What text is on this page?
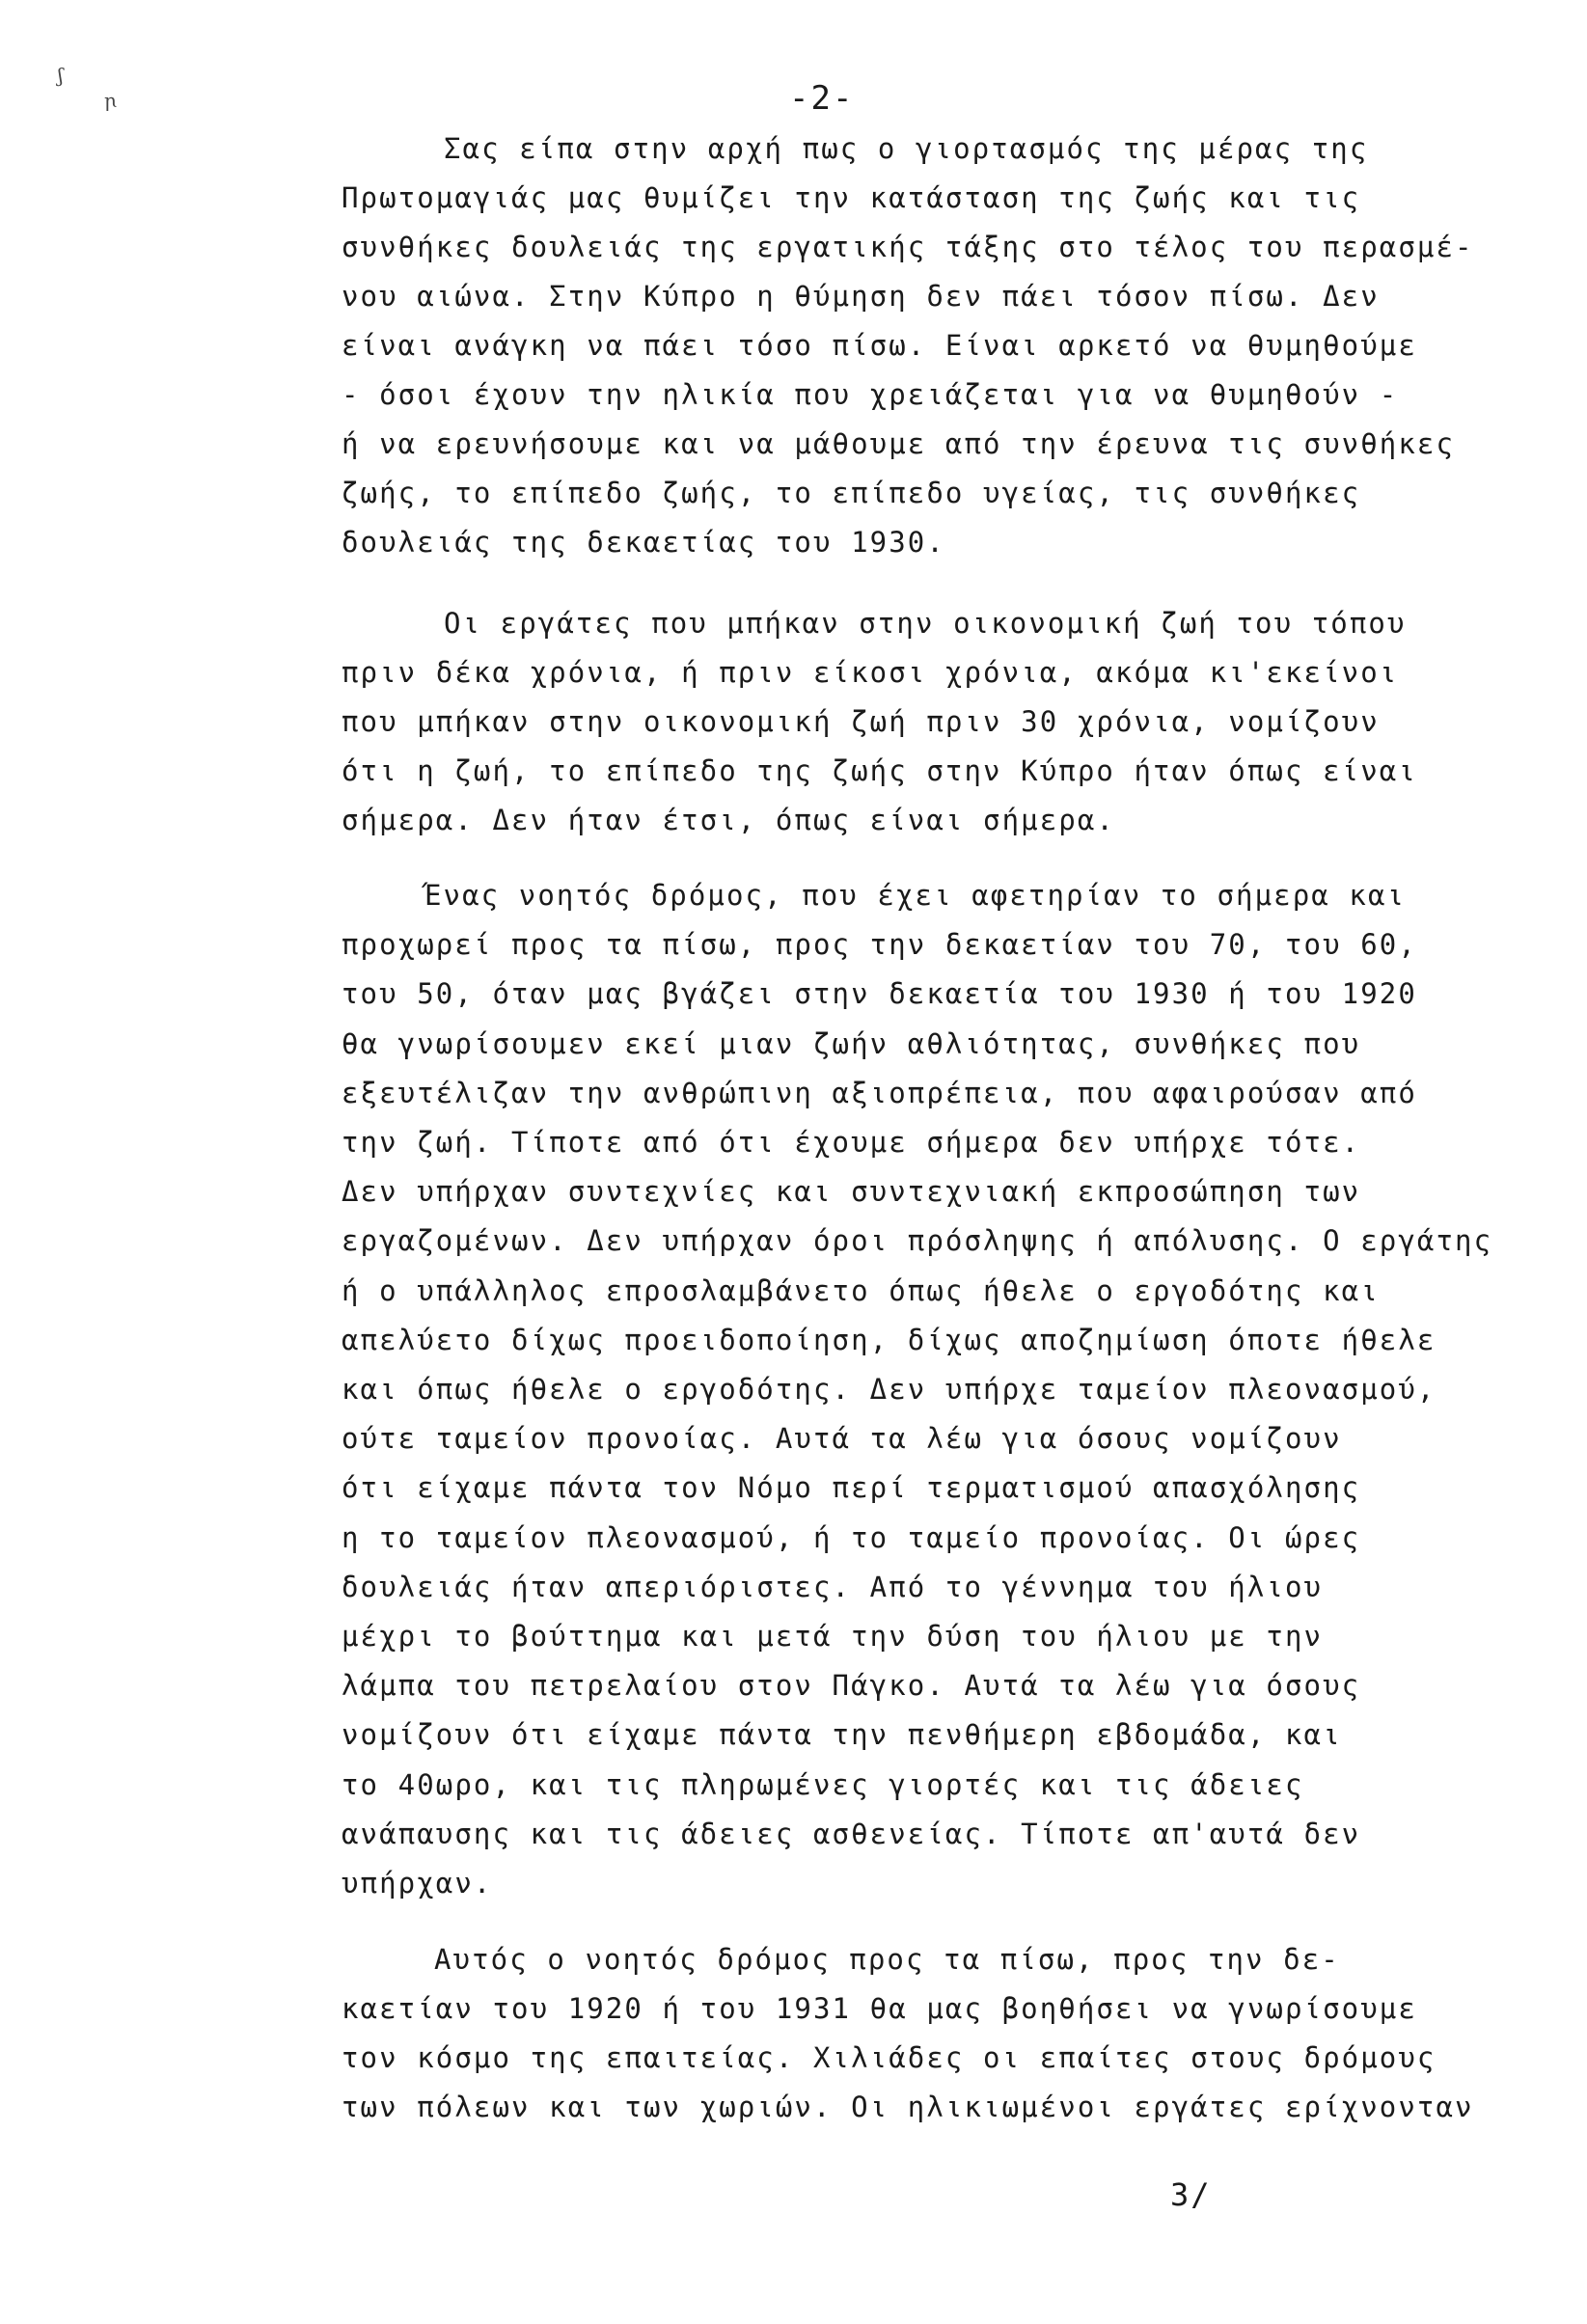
ʃ
ꞃ	-2-
Σας είπα στην αρχή πως ο γιορτασμός της μέρας της
Πρωτομαγιάς μας θυμίζει την κατάσταση της ζωής και τις
συνθήκες δουλειάς της εργατικής τάξης στο τέλος του περασμέ-
νου αιώνα. Στην Κύπρο η θύμηση δεν πάει τόσον πίσω. Δεν
είναι ανάγκη να πάει τόσο πίσω. Είναι αρκετό να θυμηθούμε
- όσοι έχουν την ηλικία που χρειάζεται για να θυμηθούν -
ή να ερευνήσουμε και να μάθουμε από την έρευνα τις συνθήκες
ζωής, το επίπεδο ζωής, το επίπεδο υγείας, τις συνθήκες
δουλειάς της δεκαετίας του 1930.
Οι εργάτες που μπήκαν στην οικονομική ζωή του τόπου
πριν δέκα χρόνια, ή πριν είκοσι χρόνια, ακόμα κι'εκείνοι
που μπήκαν στην οικονομική ζωή πριν 30 χρόνια, νομίζουν
ότι η ζωή, το επίπεδο της ζωής στην Κύπρο ήταν όπως είναι
σήμερα. Δεν ήταν έτσι, όπως είναι σήμερα.
Ένας νοητός δρόμος, που έχει αφετηρίαν το σήμερα και
προχωρεί προς τα πίσω, προς την δεκαετίαν του 70, του 60,
του 50, όταν μας βγάζει στην δεκαετία του 1930 ή του 1920
θα γνωρίσουμεν εκεί μιαν ζωήν αθλιότητας, συνθήκες που
εξευτέλιζαν την ανθρώπινη αξιοπρέπεια, που αφαιρούσαν από
την ζωή. Τίποτε από ότι έχουμε σήμερα δεν υπήρχε τότε.
Δεν υπήρχαν συντεχνίες και συντεχνιακή εκπροσώπηση των
εργαζομένων. Δεν υπήρχαν όροι πρόσληψης ή απόλυσης. Ο εργάτης
ή ο υπάλληλος επροσλαμβάνετο όπως ήθελε ο εργοδότης και
απελύετο δίχως προειδοποίηση, δίχως αποζημίωση όποτε ήθελε
και όπως ήθελε ο εργοδότης. Δεν υπήρχε ταμείον πλεονασμού,
ούτε ταμείον προνοίας. Αυτά τα λέω για όσους νομίζουν
ότι είχαμε πάντα τον Νόμο περί τερματισμού απασχόλησης
η το ταμείον πλεονασμού, ή το ταμείο προνοίας. Οι ώρες
δουλειάς ήταν απεριόριστες. Από το γέννημα του ήλιου
μέχρι το βούττημα και μετά την δύση του ήλιου με την
λάμπα του πετρελαίου στον Πάγκο. Αυτά τα λέω για όσους
νομίζουν ότι είχαμε πάντα την πενθήμερη εβδομάδα, και
το 40ωρο, και τις πληρωμένες γιορτές και τις άδειες
ανάπαυσης και τις άδειες ασθενείας. Τίποτε απ'αυτά δεν
υπήρχαν.
Αυτός ο νοητός δρόμος προς τα πίσω, προς την δε-
καετίαν του 1920 ή του 1931 θα μας βοηθήσει να γνωρίσουμε
τον κόσμο της επαιτείας. Χιλιάδες οι επαίτες στους δρόμους
των πόλεων και των χωριών. Οι ηλικιωμένοι εργάτες ερίχνονταν
3/
